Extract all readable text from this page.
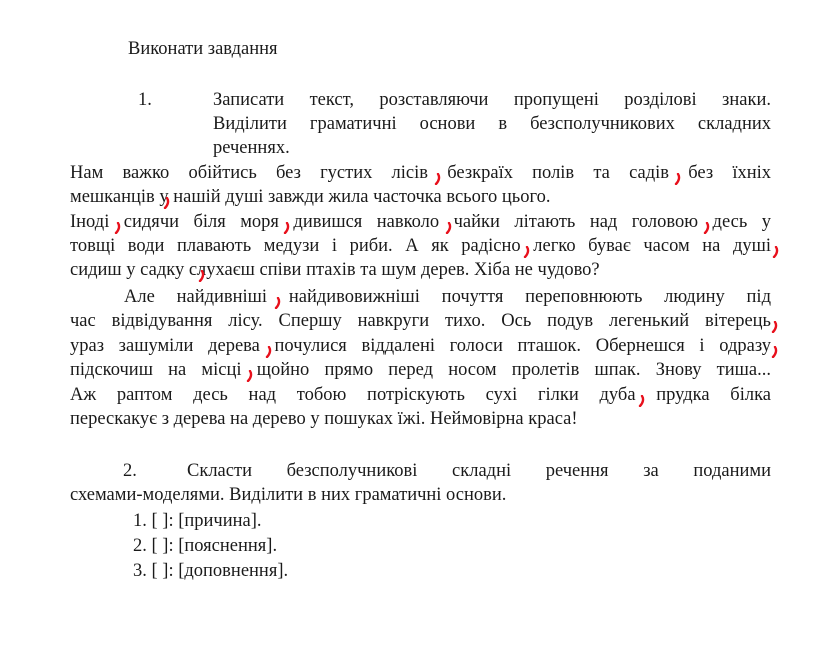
Виконати завдання
1.	Записати текст, розставляючи пропущені розділові знаки.
Виділити граматичні основи в безсполучникових складних
реченнях.
Нам важко обійтись без густих лісів безкраїх полів та садів без їхніх
мешканців у нашій душі завжди жила часточка всього цього.
Іноді сидячи біля моря дивишся навколо чайки літають над головою десь у
товщі води плавають медузи і риби. А як радісно легко буває часом на душі
сидиш у садку слухаєш співи птахів та шум дерев. Хіба не чудово?
Але найдивніші найдивовижніші почуття переповнюють людину під
час відвідування лісу. Спершу навкруги тихо. Ось подув легенький вітерець
ураз зашуміли дерева почулися віддалені голоси пташок. Обернешся і одразу
підскочиш на місці щойно прямо перед носом пролетів шпак. Знову тиша...
Аж раптом десь над тобою потріскують сухі гілки дуба прудка білка
перескакує з дерева на дерево у пошуках їжі. Неймовірна краса!
2.	Скласти безсполучникові складні речення за поданими
схемами-моделями. Виділити в них граматичні основи.
1. [ ]: [причина].
2. [ ]: [пояснення].
3. [ ]: [доповнення].
